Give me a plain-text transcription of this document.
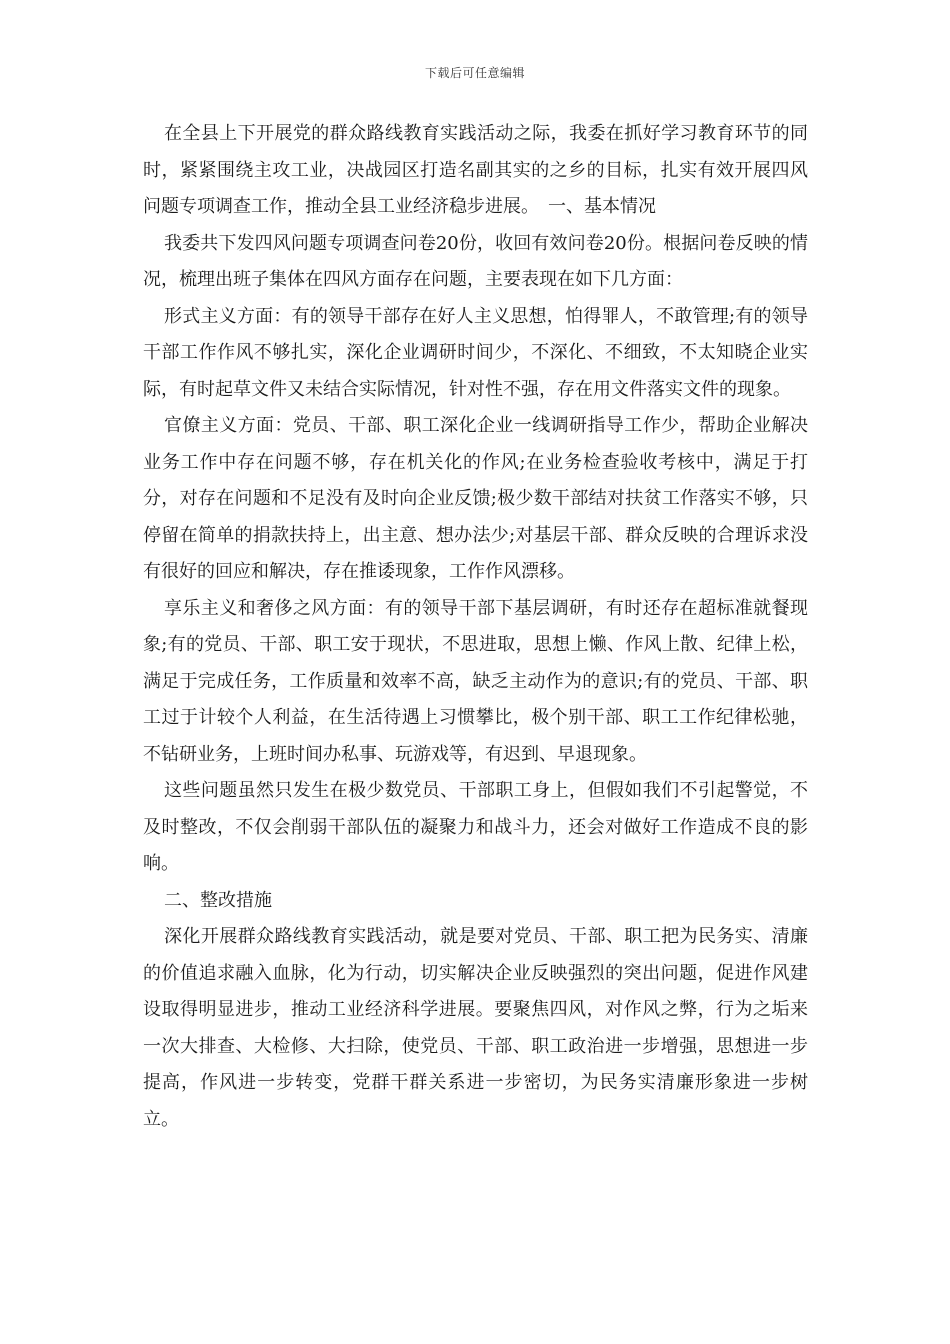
下载后可任意编辑

在全县上下开展党的群众路线教育实践活动之际，我委在抓好学习教育环节的同时，紧紧围绕主攻工业，决战园区打造名副其实的之乡的目标，扎实有效开展四风问题专项调查工作，推动全县工业经济稳步进展。　一、基本情况

我委共下发四风问题专项调查问卷20份，收回有效问卷20份。根据问卷反映的情况，梳理出班子集体在四风方面存在问题，主要表现在如下几方面：

形式主义方面：有的领导干部存在好人主义思想，怕得罪人，不敢管理;有的领导干部工作作风不够扎实，深化企业调研时间少，不深化、不细致，不太知晓企业实际，有时起草文件又未结合实际情况，针对性不强，存在用文件落实文件的现象。

官僚主义方面：党员、干部、职工深化企业一线调研指导工作少，帮助企业解决业务工作中存在问题不够，存在机关化的作风;在业务检查验收考核中，满足于打分，对存在问题和不足没有及时向企业反馈;极少数干部结对扶贫工作落实不够，只停留在简单的捐款扶持上，出主意、想办法少;对基层干部、群众反映的合理诉求没有很好的回应和解决，存在推诿现象，工作作风漂移。

享乐主义和奢侈之风方面：有的领导干部下基层调研，有时还存在超标准就餐现象;有的党员、干部、职工安于现状，不思进取，思想上懒、作风上散、纪律上松，满足于完成任务，工作质量和效率不高，缺乏主动作为的意识;有的党员、干部、职工过于计较个人利益，在生活待遇上习惯攀比，极个别干部、职工工作纪律松驰，不钻研业务，上班时间办私事、玩游戏等，有迟到、早退现象。

这些问题虽然只发生在极少数党员、干部职工身上，但假如我们不引起警觉，不及时整改，不仅会削弱干部队伍的凝聚力和战斗力，还会对做好工作造成不良的影响。

二、整改措施

深化开展群众路线教育实践活动，就是要对党员、干部、职工把为民务实、清廉的价值追求融入血脉，化为行动，切实解决企业反映强烈的突出问题，促进作风建设取得明显进步，推动工业经济科学进展。要聚焦四风，对作风之弊，行为之垢来一次大排查、大检修、大扫除，使党员、干部、职工政治进一步增强，思想进一步提高，作风进一步转变，党群干群关系进一步密切，为民务实清廉形象进一步树立。
